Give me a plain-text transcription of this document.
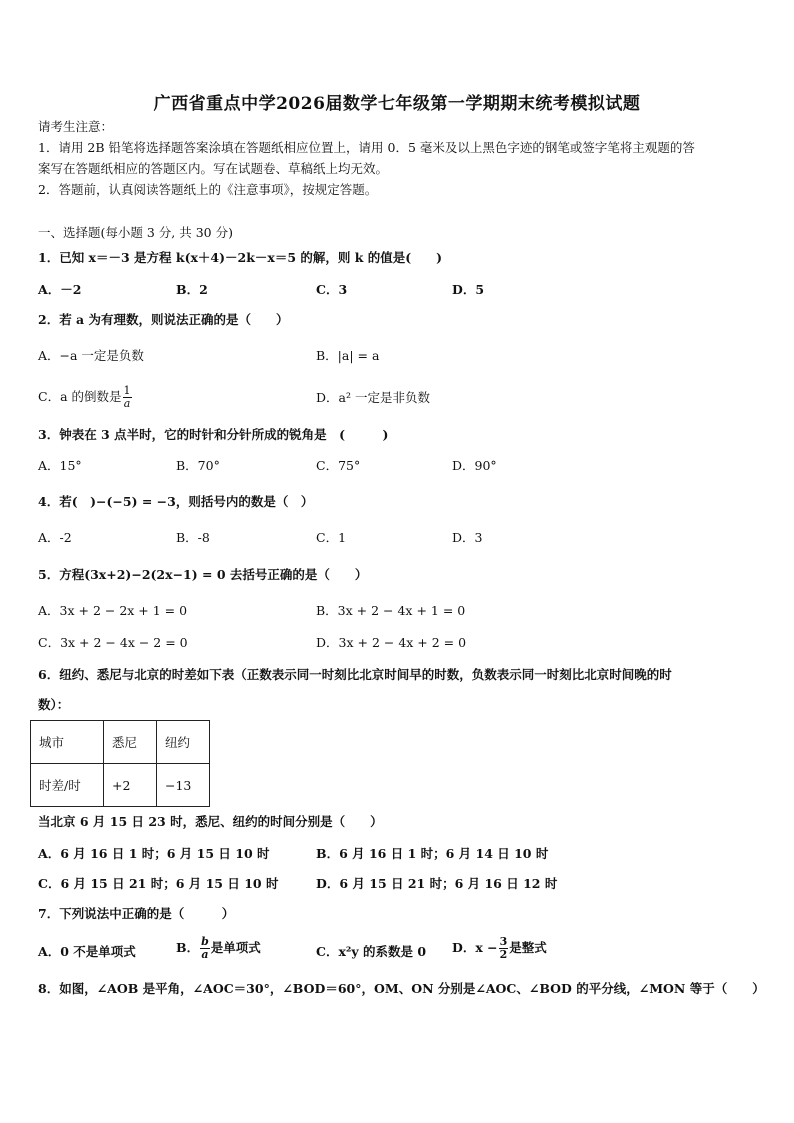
广西省重点中学2026届数学七年级第一学期期末统考模拟试题
请考生注意：
1．请用 2B 铅笔将选择题答案涂填在答题纸相应位置上，请用 0．5 毫米及以上黑色字迹的钢笔或签字笔将主观题的答
案写在答题纸相应的答题区内。写在试题卷、草稿纸上均无效。
2．答题前，认真阅读答题纸上的《注意事项》，按规定答题。
一、选择题(每小题 3 分, 共 30 分)
1．已知 x＝－3 是方程 k(x＋4)－2k－x＝5 的解，则 k 的值是(　　)
A．－2	B．2	C．3	D．5
2．若 a 为有理数，则说法正确的是（　　）
A．−a 一定是负数	B．|a| = a
C．a 的倒数是 $\frac{1}{a}$	D．a² 一定是非负数
3．钟表在 3 点半时，它的时针和分针所成的锐角是　(　　　)
A．15°	B．70°	C．75°	D．90°
4．若(　)−(−5) = −3，则括号内的数是（　）
A．-2	B．-8	C．1	D．3
5．方程(3x+2)−2(2x−1) = 0 去括号正确的是（　　）
A．3x + 2 − 2x + 1 = 0	B．3x + 2 − 4x + 1 = 0
C．3x + 2 − 4x − 2 = 0	D．3x + 2 − 4x + 2 = 0
6．纽约、悉尼与北京的时差如下表（正数表示同一时刻比北京时间早的时数，负数表示同一时刻比北京时间晚的时
数）：
城市	悉尼	纽约
时差/时	+2	−13
当北京 6 月 15 日 23 时，悉尼、纽约的时间分别是（　　）
A．6 月 16 日 1 时；6 月 15 日 10 时	B．6 月 16 日 1 时；6 月 14 日 10 时
C．6 月 15 日 21 时；6 月 15 日 10 时	D．6 月 15 日 21 时；6 月 16 日 12 时
7．下列说法中正确的是（　　　）
A．0 不是单项式	B． $\frac{b}{a}$ 是单项式	C．x²y 的系数是 0 D．$x - \frac{3}{2}$ 是整式
8．如图，∠AOB 是平角，∠AOC＝30°，∠BOD＝60°，OM、ON 分别是∠AOC、∠BOD 的平分线，∠MON 等于（　　）
